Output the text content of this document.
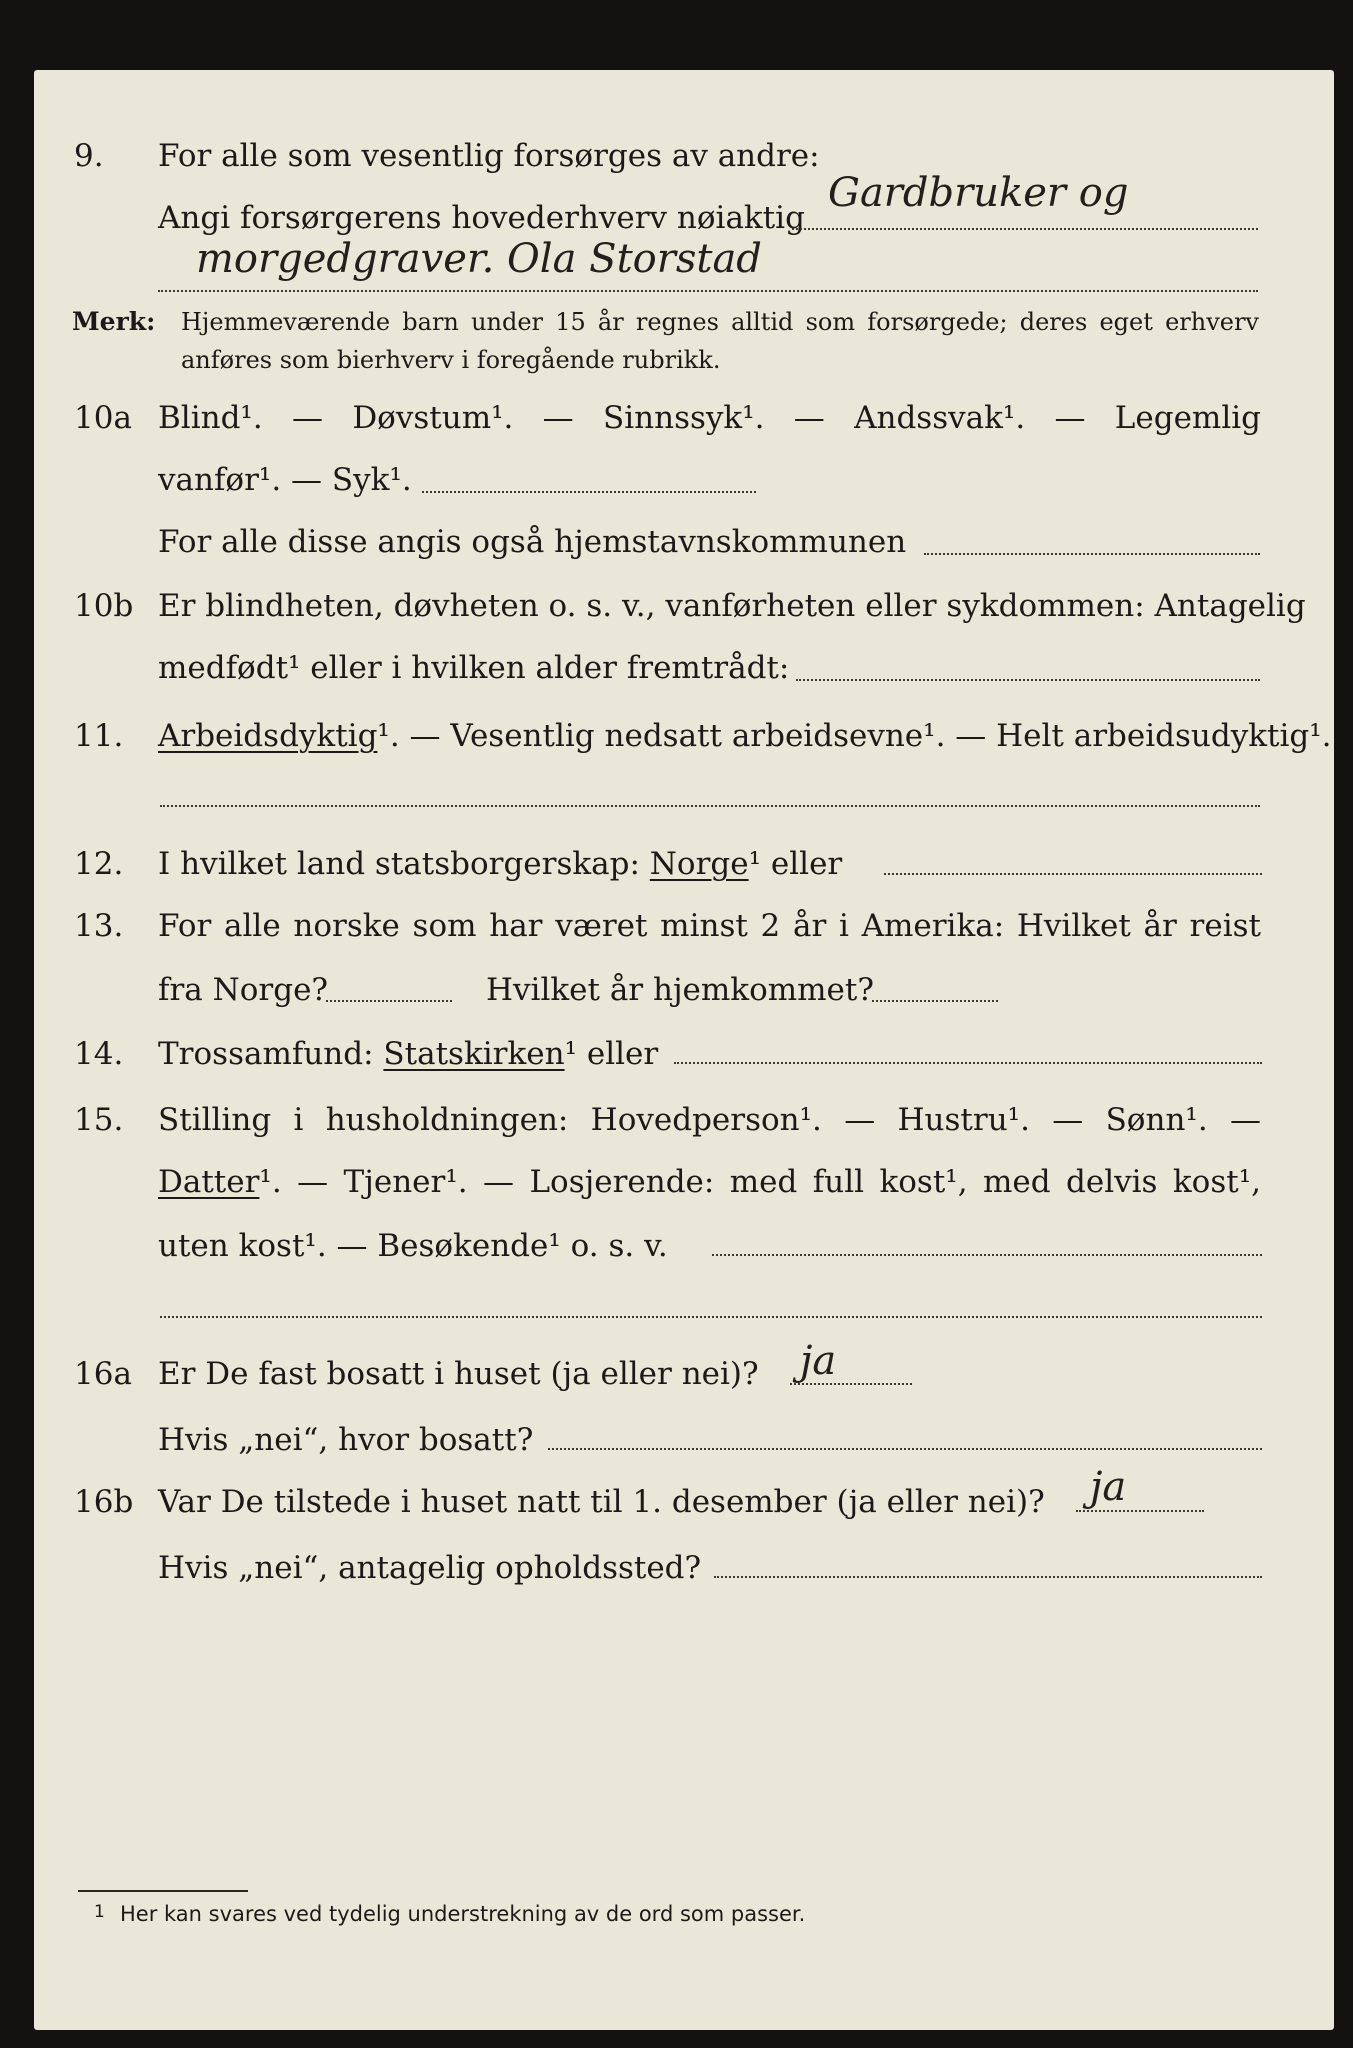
9. For alle som vesentlig forsørges av andre:
Angi forsørgerens hovederhverv nøiaktig
Gardbruker og
morgedgraver. Ola Storstad
Merk: Hjemmeværende barn under 15 år regnes alltid som forsørgede; deres eget erhverv
anføres som bierhverv i foregående rubrikk.
10a Blind¹. — Døvstum¹. — Sinnssyk¹. — Andssvak¹. — Legemlig
vanfør¹. — Syk¹.
For alle disse angis også hjemstavnskommunen
10b Er blindheten, døvheten o. s. v., vanførheten eller sykdommen: Antagelig
medfødt¹ eller i hvilken alder fremtrådt:
11. Arbeidsdyktig¹. — Vesentlig nedsatt arbeidsevne¹. — Helt arbeidsudyktig¹.
12. I hvilket land statsborgerskap: Norge¹ eller
13. For alle norske som har været minst 2 år i Amerika: Hvilket år reist
fra Norge?	Hvilket år hjemkommet?
14. Trossamfund: Statskirken¹ eller
15. Stilling i husholdningen: Hovedperson¹. — Hustru¹. — Sønn¹. —
Datter¹. — Tjener¹. — Losjerende: med full kost¹, med delvis kost¹,
uten kost¹. — Besøkende¹ o. s. v.
16a Er De fast bosatt i huset (ja eller nei)? ja
Hvis „nei“, hvor bosatt?
16b Var De tilstede i huset natt til 1. desember (ja eller nei)? ja
Hvis „nei“, antagelig opholdssted?
1 Her kan svares ved tydelig understrekning av de ord som passer.
